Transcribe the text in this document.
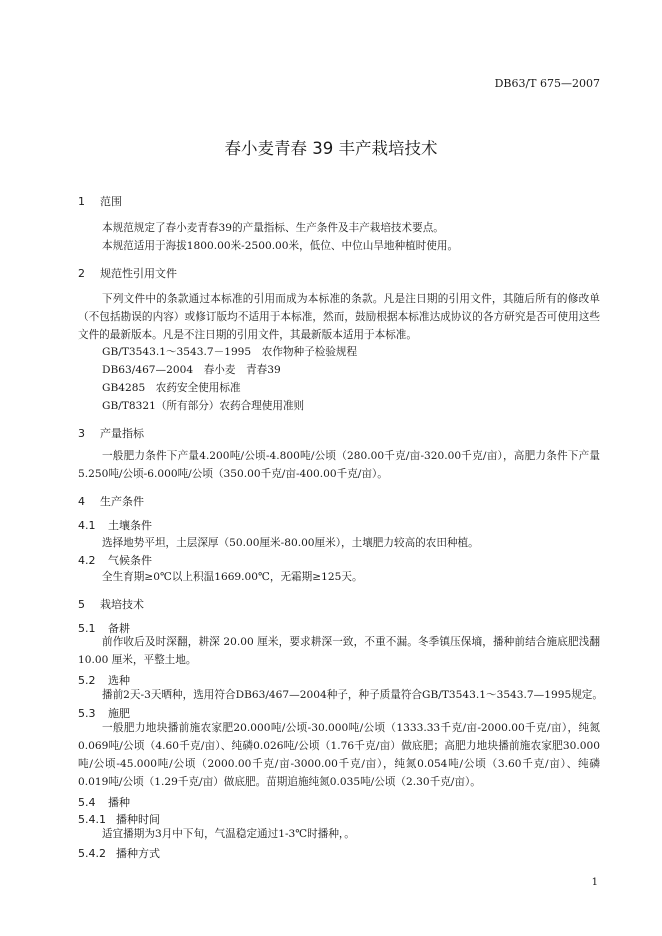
DB63/T 675—2007
春小麦青春 39 丰产栽培技术
1 范围
本规范规定了春小麦青春39的产量指标、生产条件及丰产栽培技术要点。
本规范适用于海拔1800.00米-2500.00米，低位、中位山旱地种植时使用。
2 规范性引用文件
下列文件中的条款通过本标准的引用而成为本标准的条款。凡是注日期的引用文件，其随后所有的修改单（不包括勘误的内容）或修订版均不适用于本标准，然而，鼓励根据本标准达成协议的各方研究是否可使用这些文件的最新版本。凡是不注日期的引用文件，其最新版本适用于本标准。
GB/T3543.1～3543.7－1995　农作物种子检验规程
DB63/467—2004　春小麦　青春39
GB4285　农药安全使用标准
GB/T8321（所有部分）农药合理使用准则
3 产量指标
一般肥力条件下产量4.200吨/公顷-4.800吨/公顷（280.00千克/亩-320.00千克/亩），高肥力条件下产量5.250吨/公顷-6.000吨/公顷（350.00千克/亩-400.00千克/亩）。
4 生产条件
4.1 土壤条件
选择地势平坦，土层深厚（50.00厘米-80.00厘米），土壤肥力较高的农田种植。
4.2 气候条件
全生育期≥0℃以上积温1669.00℃，无霜期≥125天。
5 栽培技术
5.1 备耕
前作收后及时深翻，耕深 20.00 厘米，要求耕深一致，不重不漏。冬季镇压保墒，播种前结合施底肥浅翻 10.00 厘米，平整土地。
5.2 选种
播前2天-3天晒种，选用符合DB63/467—2004种子，种子质量符合GB/T3543.1～3543.7—1995规定。
5.3 施肥
一般肥力地块播前施农家肥20.000吨/公顷-30.000吨/公顷（1333.33千克/亩-2000.00千克/亩），纯氮0.069吨/公顷（4.60千克/亩）、纯磷0.026吨/公顷（1.76千克/亩）做底肥；高肥力地块播前施农家肥30.000吨/公顷-45.000吨/公顷（2000.00千克/亩-3000.00千克/亩），纯氮0.054吨/公顷（3.60千克/亩）、纯磷0.019吨/公顷（1.29千克/亩）做底肥。苗期追施纯氮0.035吨/公顷（2.30千克/亩）。
5.4 播种
5.4.1 播种时间
适宜播期为3月中下旬，气温稳定通过1-3℃时播种，。
5.4.2 播种方式
1
